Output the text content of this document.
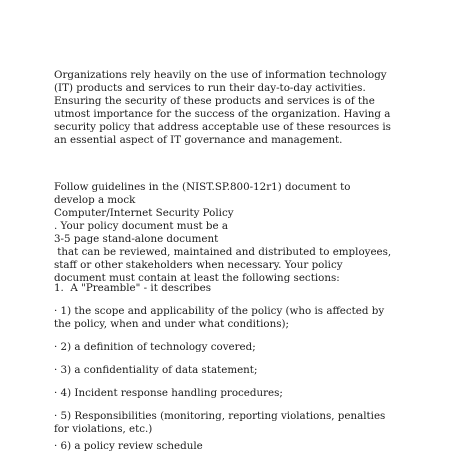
Organizations rely heavily on the use of information technology
(IT) products and services to run their day-to-day activities.
Ensuring the security of these products and services is of the
utmost importance for the success of the organization. Having a
security policy that address acceptable use of these resources is
an essential aspect of IT governance and management.
Follow guidelines in the (NIST.SP.800-12r1) document to
develop a mock
Computer/Internet Security Policy
. Your policy document must be a
3-5 page stand-alone document
that can be reviewed, maintained and distributed to employees,
staff or other stakeholders when necessary. Your policy
document must contain at least the following sections:
1.  A "Preamble" - it describes
· 1) the scope and applicability of the policy (who is affected by
the policy, when and under what conditions);
· 2) a definition of technology covered;
· 3) a confidentiality of data statement;
· 4) Incident response handling procedures;
· 5) Responsibilities (monitoring, reporting violations, penalties
for violations, etc.)
· 6) a policy review schedule
